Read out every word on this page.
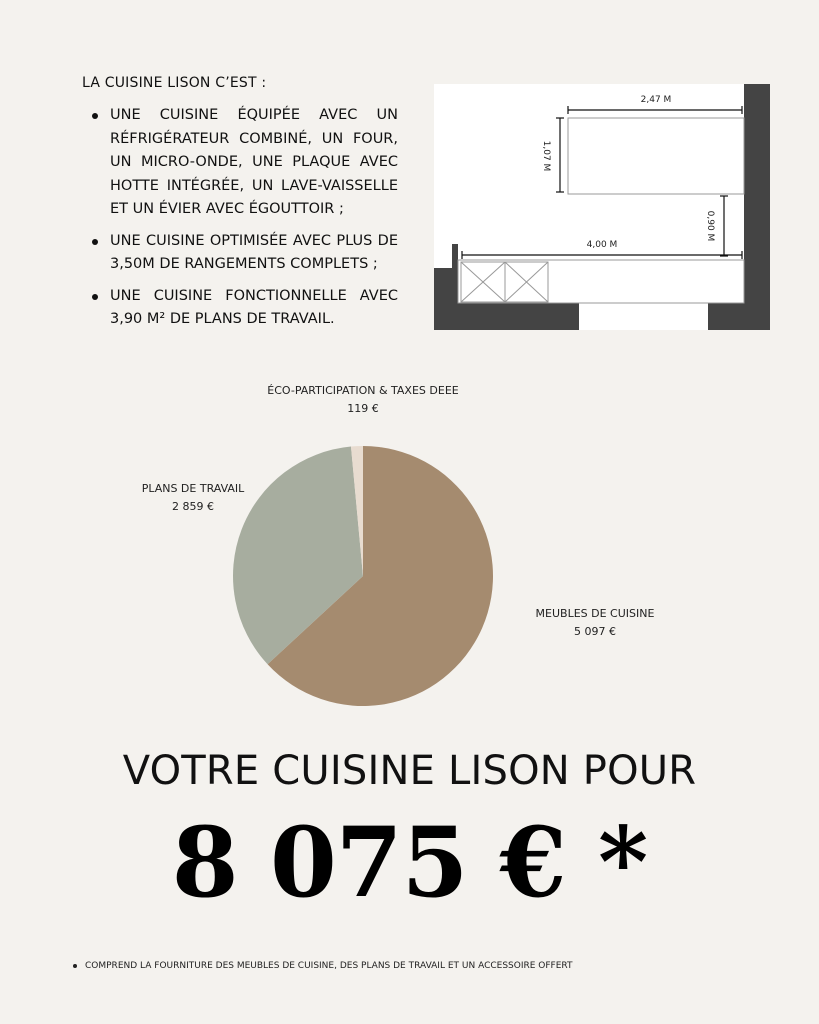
LA CUISINE LISON C’EST :
UNE CUISINE ÉQUIPÉE AVEC UN RÉFRIGÉRATEUR COMBINÉ, UN FOUR, UN MICRO-ONDE, UNE PLAQUE AVEC HOTTE INTÉGRÉE, UN LAVE-VAISSELLE ET UN ÉVIER AVEC ÉGOUTTOIR ;
UNE CUISINE OPTIMISÉE AVEC PLUS DE 3,50M DE RANGEMENTS COMPLETS ;
UNE CUISINE FONCTIONNELLE AVEC 3,90 M² DE PLANS DE TRAVAIL.
2,47 M
1,07 M
0,90 M
4,00 M
ÉCO-PARTICIPATION & TAXES DEEE
119 €
PLANS DE TRAVAIL
2 859 €
MEUBLES DE CUISINE
5 097 €
VOTRE CUISINE LISON POUR
8 075 € *
COMPREND LA FOURNITURE DES MEUBLES DE CUISINE, DES PLANS DE TRAVAIL ET UN ACCESSOIRE OFFERT
